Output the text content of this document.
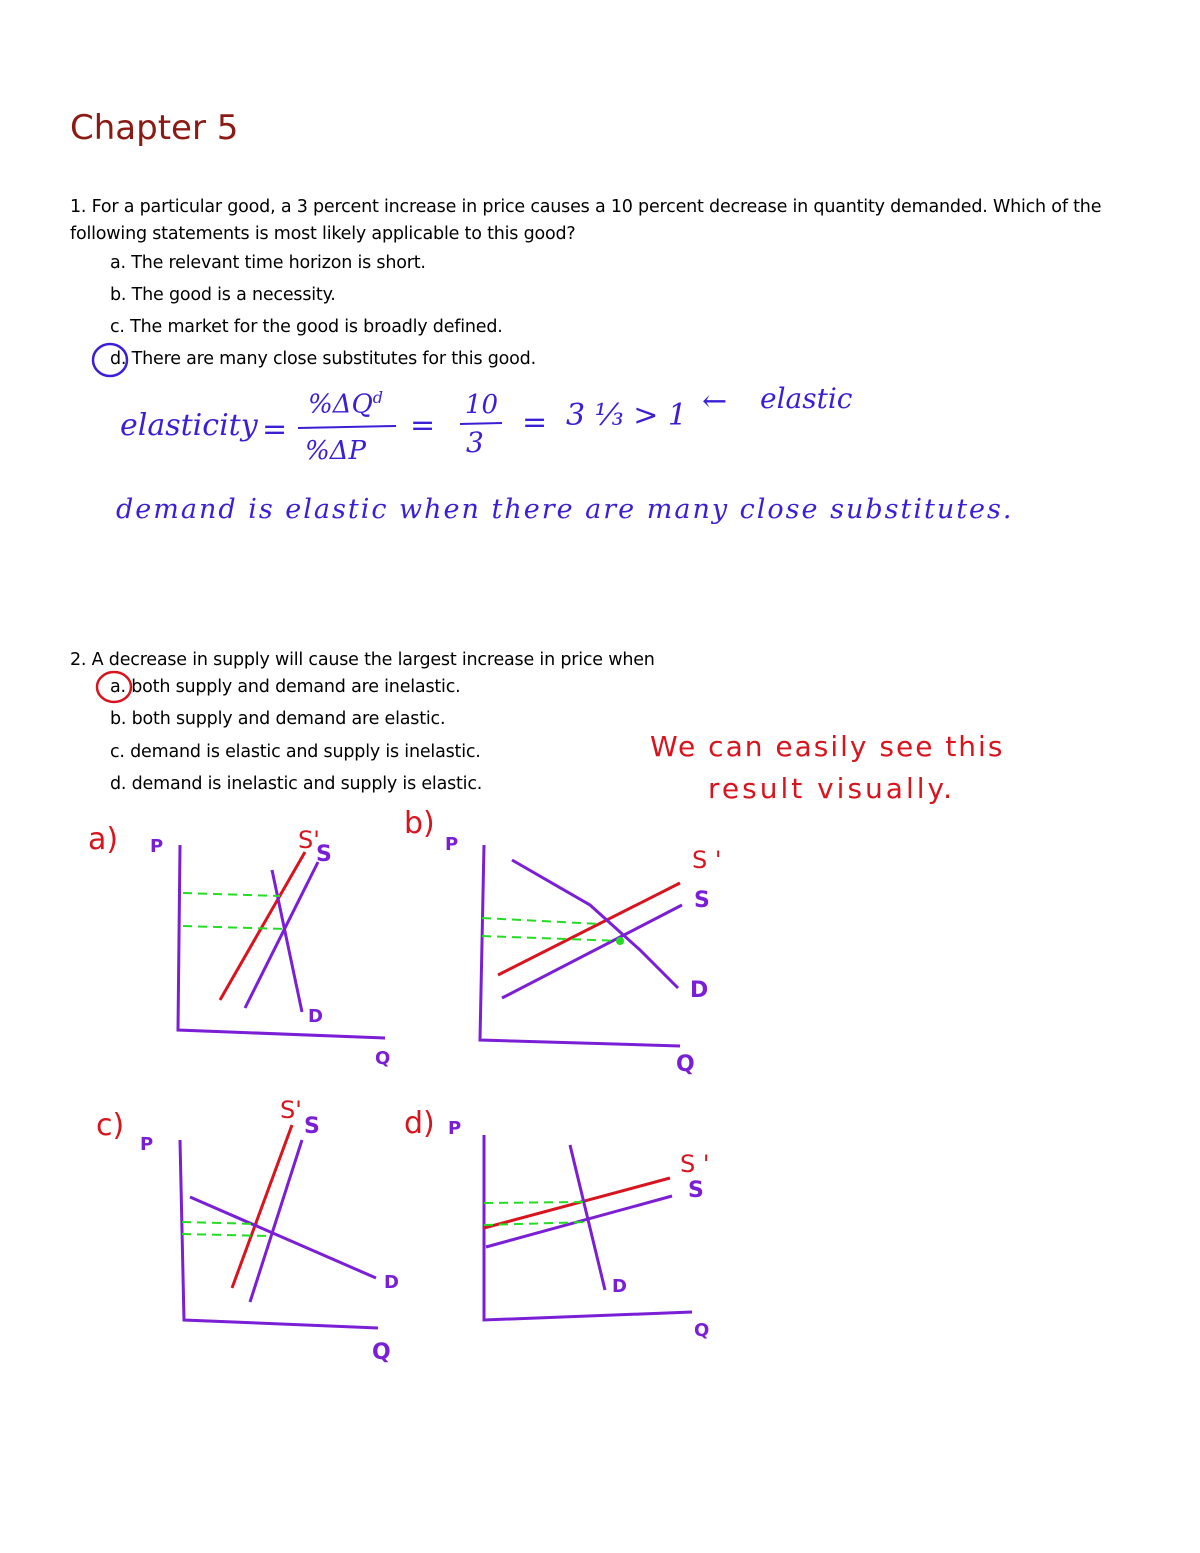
Chapter 5
1. For a particular good, a 3 percent increase in price causes a 10 percent decrease in quantity demanded. Which of the following statements is most likely applicable to this good?
a. The relevant time horizon is short.
b. The good is a necessity.
c. The market for the good is broadly defined.
d. There are many close substitutes for this good.
2. A decrease in supply will cause the largest increase in price when
a. both supply and demand are inelastic.
b. both supply and demand are elastic.
c. demand is elastic and supply is inelastic.
d. demand is inelastic and supply is elastic.
elasticity =
$\%\Delta Q^d$
%ΔP
=
10
3
= 3 ⅓ > 1 ← elastic
demand is elastic when there are many close substitutes.
We can easily see this
result visually.
a) P	S'
S
D
Q
b)
P
S '
S
D
Q
c)
P
S'
S
D
Q
d) P
S '
S
D
Q
